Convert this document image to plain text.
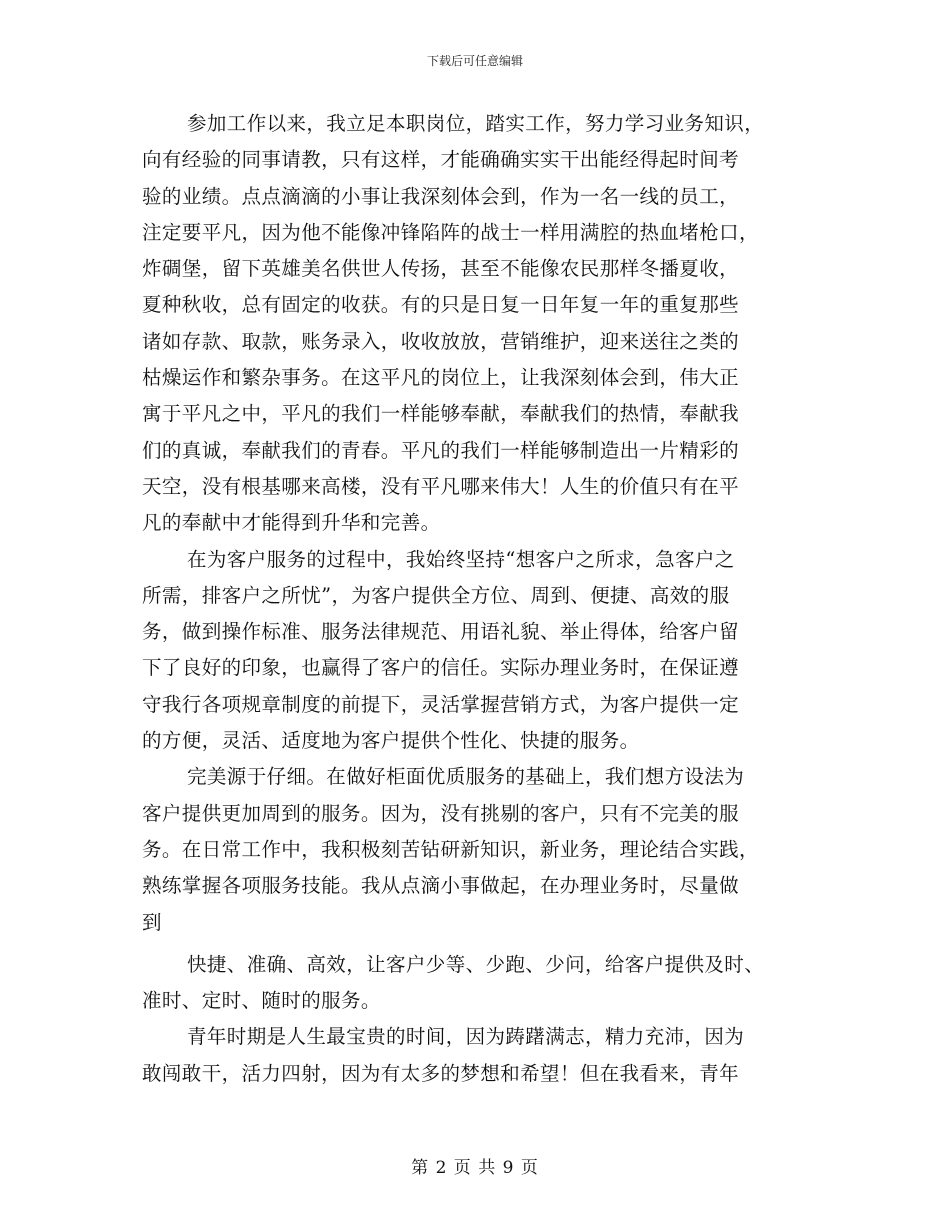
下载后可任意编辑
参加工作以来，我立足本职岗位，踏实工作，努力学习业务知识，
向有经验的同事请教，只有这样，才能确确实实干出能经得起时间考
验的业绩。点点滴滴的小事让我深刻体会到，作为一名一线的员工，
注定要平凡，因为他不能像冲锋陷阵的战士一样用满腔的热血堵枪口，
炸碉堡，留下英雄美名供世人传扬，甚至不能像农民那样冬播夏收，
夏种秋收，总有固定的收获。有的只是日复一日年复一年的重复那些
诸如存款、取款，账务录入，收收放放，营销维护，迎来送往之类的
枯燥运作和繁杂事务。在这平凡的岗位上，让我深刻体会到，伟大正
寓于平凡之中，平凡的我们一样能够奉献，奉献我们的热情，奉献我
们的真诚，奉献我们的青春。平凡的我们一样能够制造出一片精彩的
天空，没有根基哪来高楼，没有平凡哪来伟大！人生的价值只有在平
凡的奉献中才能得到升华和完善。
在为客户服务的过程中，我始终坚持“想客户之所求，急客户之
所需，排客户之所忧”，为客户提供全方位、周到、便捷、高效的服
务，做到操作标准、服务法律规范、用语礼貌、举止得体，给客户留
下了良好的印象，也赢得了客户的信任。实际办理业务时，在保证遵
守我行各项规章制度的前提下，灵活掌握营销方式，为客户提供一定
的方便，灵活、适度地为客户提供个性化、快捷的服务。
完美源于仔细。在做好柜面优质服务的基础上，我们想方设法为
客户提供更加周到的服务。因为，没有挑剔的客户，只有不完美的服
务。在日常工作中，我积极刻苦钻研新知识，新业务，理论结合实践，
熟练掌握各项服务技能。我从点滴小事做起，在办理业务时，尽量做
到
快捷、准确、高效，让客户少等、少跑、少问，给客户提供及时、
准时、定时、随时的服务。
青年时期是人生最宝贵的时间，因为踌躇满志，精力充沛，因为
敢闯敢干，活力四射，因为有太多的梦想和希望！但在我看来，青年
第 2 页 共 9 页
